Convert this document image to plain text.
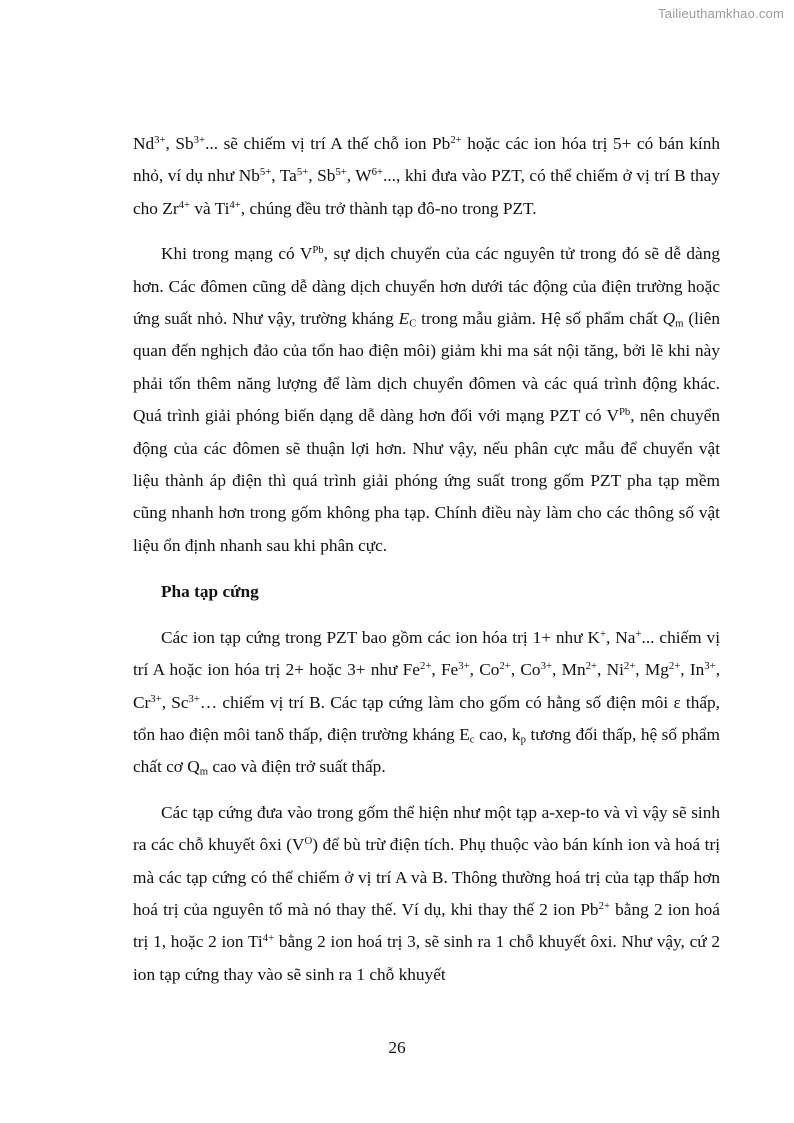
Tailieuthamkhao.com

$Nd^{3+}$, $Sb^{3+}$... sẽ chiếm vị trí A thế chỗ ion $Pb^{2+}$ hoặc các ion hóa trị 5+ có bán kính nhỏ, ví dụ như $Nb^{5+}$, $Ta^{5+}$, $Sb^{5+}$, $W^{6+}$..., khi đưa vào PZT, có thể chiếm ở vị trí B thay cho $Zr^{4+}$ và $Ti^{4+}$, chúng đều trở thành tạp đô-no trong PZT.

Khi trong mạng có $V^{Pb}$, sự dịch chuyển của các nguyên tử trong đó sẽ dễ dàng hơn. Các đômen cũng dễ dàng dịch chuyển hơn dưới tác động của điện trường hoặc ứng suất nhỏ. Như vậy, trường kháng $E_C$ trong mẫu giảm. Hệ số phẩm chất $Q_m$ (liên quan đến nghịch đảo của tổn hao điện môi) giảm khi ma sát nội tăng, bởi lẽ khi này phải tốn thêm năng lượng để làm dịch chuyển đômen và các quá trình động khác. Quá trình giải phóng biến dạng dễ dàng hơn đối với mạng PZT có $V^{Pb}$, nên chuyển động của các đômen sẽ thuận lợi hơn. Như vậy, nếu phân cực mẫu để chuyển vật liệu thành áp điện thì quá trình giải phóng ứng suất trong gốm PZT pha tạp mềm cũng nhanh hơn trong gốm không pha tạp. Chính điều này làm cho các thông số vật liệu ổn định nhanh sau khi phân cực.

Pha tạp cứng

Các ion tạp cứng trong PZT bao gồm các ion hóa trị 1+ như K+, Na+... chiếm vị trí A hoặc ion hóa trị 2+ hoặc 3+ như $Fe^{2+}$, $Fe^{3+}$, $Co^{2+}$, $Co^{3+}$, $Mn^{2+}$, $Ni^{2+}$, $Mg^{2+}$, $In^{3+}$, $Cr^{3+}$, $Sc^{3+}\dots$ chiếm vị trí B. Các tạp cứng làm cho gốm có hằng số điện môi ε thấp, tổn hao điện môi tanδ thấp, điện trường kháng $E_c$ cao, $k_p$ tương đối thấp, hệ số phẩm chất cơ $Q_m$ cao và điện trở suất thấp.

Các tạp cứng đưa vào trong gốm thể hiện như một tạp a-xep-to và vì vậy sẽ sinh ra các chỗ khuyết ôxi $(V^O)$ để bù trừ điện tích. Phụ thuộc vào bán kính ion và hoá trị mà các tạp cứng có thể chiếm ở vị trí A và B. Thông thường hoá trị của tạp thấp hơn hoá trị của nguyên tố mà nó thay thế. Ví dụ, khi thay thế 2 ion $Pb^{2+}$ bằng 2 ion hoá trị 1, hoặc 2 ion $Ti^{4+}$ bằng 2 ion hoá trị 3, sẽ sinh ra 1 chỗ khuyết ôxi. Như vậy, cứ 2 ion tạp cứng thay vào sẽ sinh ra 1 chỗ khuyết

26
